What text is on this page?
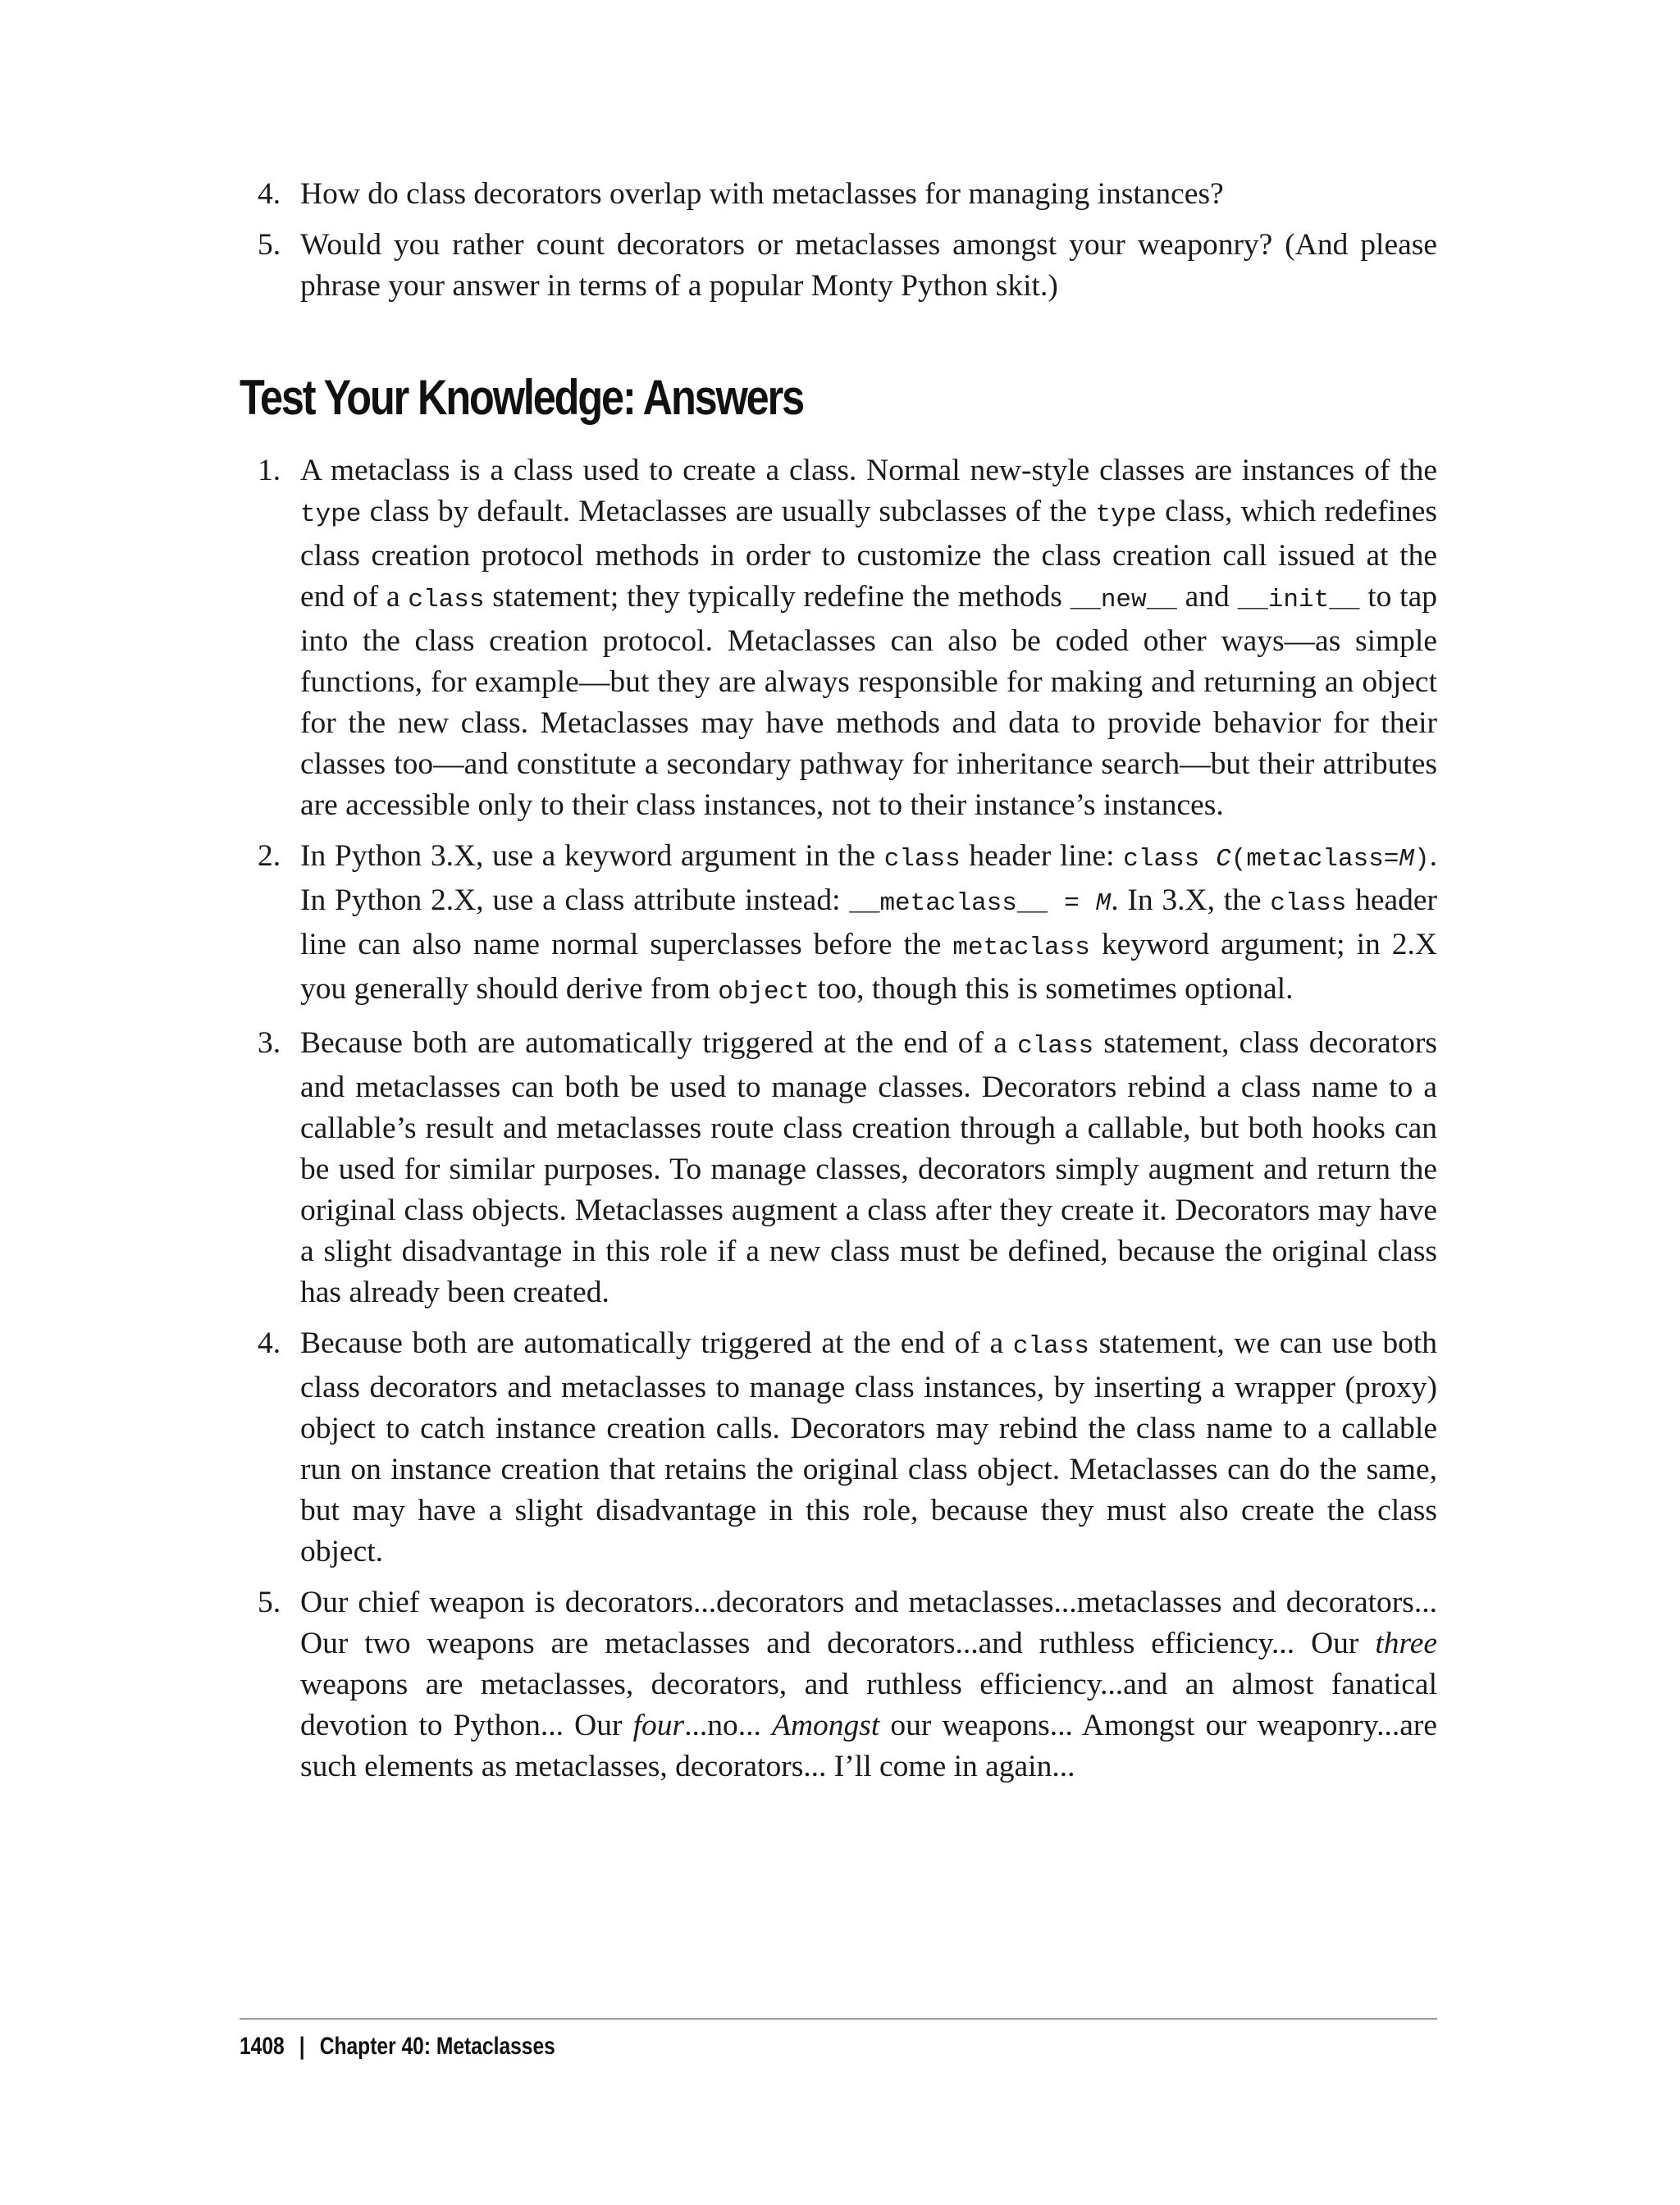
4. How do class decorators overlap with metaclasses for managing instances?
5. Would you rather count decorators or metaclasses amongst your weaponry? (And please phrase your answer in terms of a popular Monty Python skit.)
Test Your Knowledge: Answers
1. A metaclass is a class used to create a class. Normal new-style classes are instances of the type class by default. Metaclasses are usually subclasses of the type class, which redefines class creation protocol methods in order to customize the class creation call issued at the end of a class statement; they typically redefine the methods __new__ and __init__ to tap into the class creation protocol. Metaclasses can also be coded other ways—as simple functions, for example—but they are always responsible for making and returning an object for the new class. Metaclasses may have methods and data to provide behavior for their classes too—and constitute a secondary pathway for inheritance search—but their attributes are accessible only to their class instances, not to their instance’s instances.
2. In Python 3.X, use a keyword argument in the class header line: class C(metaclass=M). In Python 2.X, use a class attribute instead: __metaclass__ = M. In 3.X, the class header line can also name normal superclasses before the metaclass keyword argument; in 2.X you generally should derive from object too, though this is sometimes optional.
3. Because both are automatically triggered at the end of a class statement, class decorators and metaclasses can both be used to manage classes. Decorators rebind a class name to a callable’s result and metaclasses route class creation through a callable, but both hooks can be used for similar purposes. To manage classes, decorators simply augment and return the original class objects. Metaclasses augment a class after they create it. Decorators may have a slight disadvantage in this role if a new class must be defined, because the original class has already been created.
4. Because both are automatically triggered at the end of a class statement, we can use both class decorators and metaclasses to manage class instances, by inserting a wrapper (proxy) object to catch instance creation calls. Decorators may rebind the class name to a callable run on instance creation that retains the original class object. Metaclasses can do the same, but may have a slight disadvantage in this role, because they must also create the class object.
5. Our chief weapon is decorators...decorators and metaclasses...metaclasses and decorators... Our two weapons are metaclasses and decorators...and ruthless efficiency... Our three weapons are metaclasses, decorators, and ruthless efficiency...and an almost fanatical devotion to Python... Our four...no... Amongst our weapons... Amongst our weaponry...are such elements as metaclasses, decorators... I’ll come in again...
1408 | Chapter 40: Metaclasses
